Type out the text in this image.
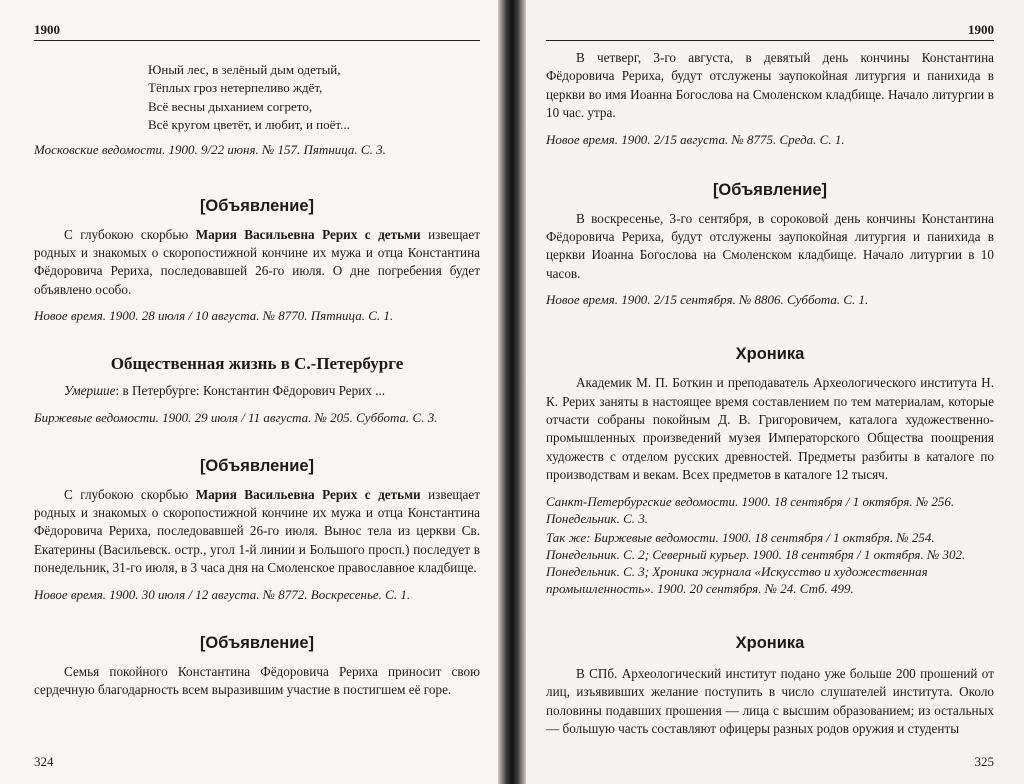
1900
Юный лес, в зелёный дым одетый,
Тёплых гроз нетерпеливо ждёт,
Всё весны дыханием согрето,
Всё кругом цветёт, и любит, и поёт...
Московские ведомости. 1900. 9/22 июня. № 157. Пятница. С. 3.
[Объявление]

С глубокою скорбью Мария Васильевна Рерих с детьми извещает родных и знакомых о скоропостижной кончине их мужа и отца Константина Фёдоровича Рериха, последовавшей 26-го июля. О дне погребения будет объявлено особо.

Новое время. 1900. 28 июля / 10 августа. № 8770. Пятница. С. 1.
Общественная жизнь в С.-Петербурге

Умершие: в Петербурге: Константин Фёдорович Рерих ...

Биржевые ведомости. 1900. 29 июля / 11 августа. № 205. Суббота. С. 3.
[Объявление]

С глубокою скорбью Мария Васильевна Рерих с детьми извещает родных и знакомых о скоропостижной кончине их мужа и отца Константина Фёдоровича Рериха, последовавшей 26-го июля. Вынос тела из церкви Св. Екатерины (Васильевск. остр., угол 1-й линии и Большого просп.) последует в понедельник, 31-го июля, в 3 часа дня на Смоленское православное кладбище.

Новое время. 1900. 30 июля / 12 августа. № 8772. Воскресенье. С. 1.
[Объявление]

Семья покойного Константина Фёдоровича Рериха приносит свою сердечную благодарность всем выразившим участие в постигшем её горе.

324
1900

В четверг, 3-го августа, в девятый день кончины Константина Фёдоровича Рериха, будут отслужены заупокойная литургия и панихида в церкви во имя Иоанна Богослова на Смоленском кладбище. Начало литургии в 10 час. утра.

Новое время. 1900. 2/15 августа. № 8775. Среда. С. 1.
[Объявление]

В воскресенье, 3-го сентября, в сороковой день кончины Константина Фёдоровича Рериха, будут отслужены заупокойная литургия и панихида в церкви Иоанна Богослова на Смоленском кладбище. Начало литургии в 10 часов.

Новое время. 1900. 2/15 сентября. № 8806. Суббота. С. 1.
Хроника

Академик М. П. Боткин и преподаватель Археологического института Н. К. Рерих заняты в настоящее время составлением по тем материалам, которые отчасти собраны покойным Д. В. Григоровичем, каталога художественно-промышленных произведений музея Императорского Общества поощрения художеств с отделом русских древностей. Предметы разбиты в каталоге по производствам и векам. Всех предметов в каталоге 12 тысяч.

Санкт-Петербургские ведомости. 1900. 18 сентября / 1 октября. № 256. Понедельник. С. 3.
Так же: Биржевые ведомости. 1900. 18 сентября / 1 октября. № 254. Понедельник. С. 2; Северный курьер. 1900. 18 сентября / 1 октября. № 302. Понедельник. С. 3; Хроника журнала «Искусство и художественная промышленность». 1900. 20 сентября. № 24. Стб. 499.
Хроника

В СПб. Археологический институт подано уже больше 200 прошений от лиц, изъявивших желание поступить в число слушателей института. Около половины подавших прошения — лица с высшим образованием; из остальных — большую часть составляют офицеры разных родов оружия и студенты

325
